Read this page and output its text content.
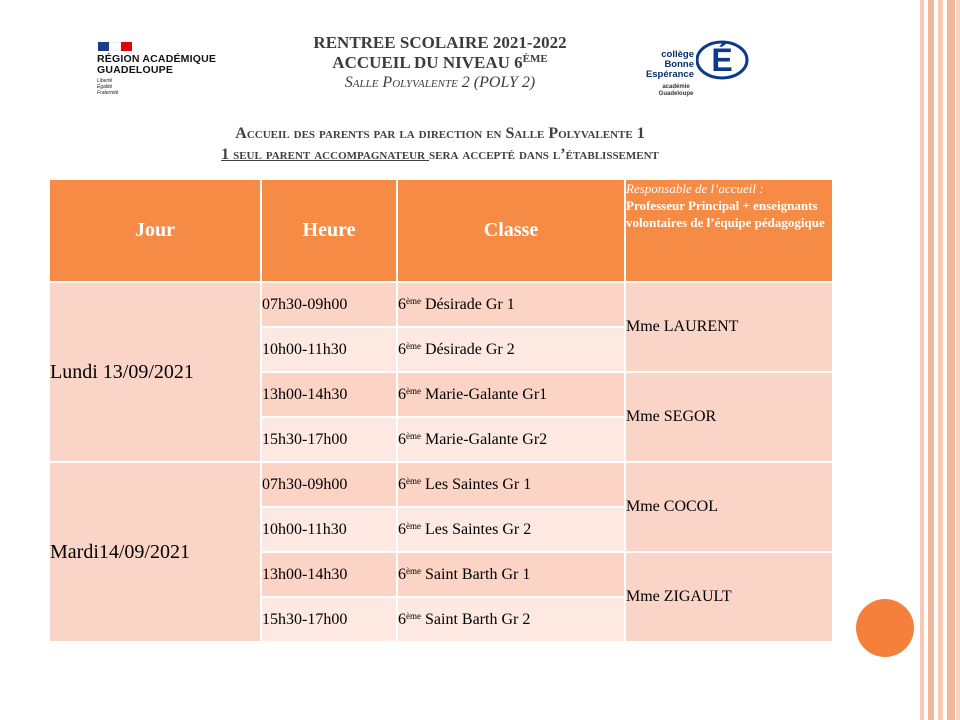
RÉGION ACADÉMIQUE
GUADELOUPE
Liberté
Égalité
Fraternité
RENTREE SCOLAIRE 2021-2022
ACCUEIL DU NIVEAU 6ÈME
Salle Polyvalente 2 (POLY 2)
collège
Bonne
Espérance É
académie
Guadeloupe
Accueil des parents par la direction en Salle Polyvalente 1
1 seul parent accompagnateur sera accepté dans l’établissement
Jour	Heure	Classe	Responsable de l’accueil :
Professeur Principal + enseignants volontaires de l’équipe pédagogique
Lundi 13/09/2021	07h30-09h00	6ème Désirade Gr 1	Mme LAURENT
	10h00-11h30	6ème Désirade Gr 2	
	13h00-14h30	6ème Marie-Galante Gr1	Mme SEGOR
	15h30-17h00	6ème Marie-Galante Gr2	
Mardi14/09/2021	07h30-09h00	6ème Les Saintes Gr 1	Mme COCOL
	10h00-11h30	6ème Les Saintes Gr 2	
	13h00-14h30	6ème Saint Barth Gr 1	Mme ZIGAULT
	15h30-17h00	6ème Saint Barth Gr 2	
